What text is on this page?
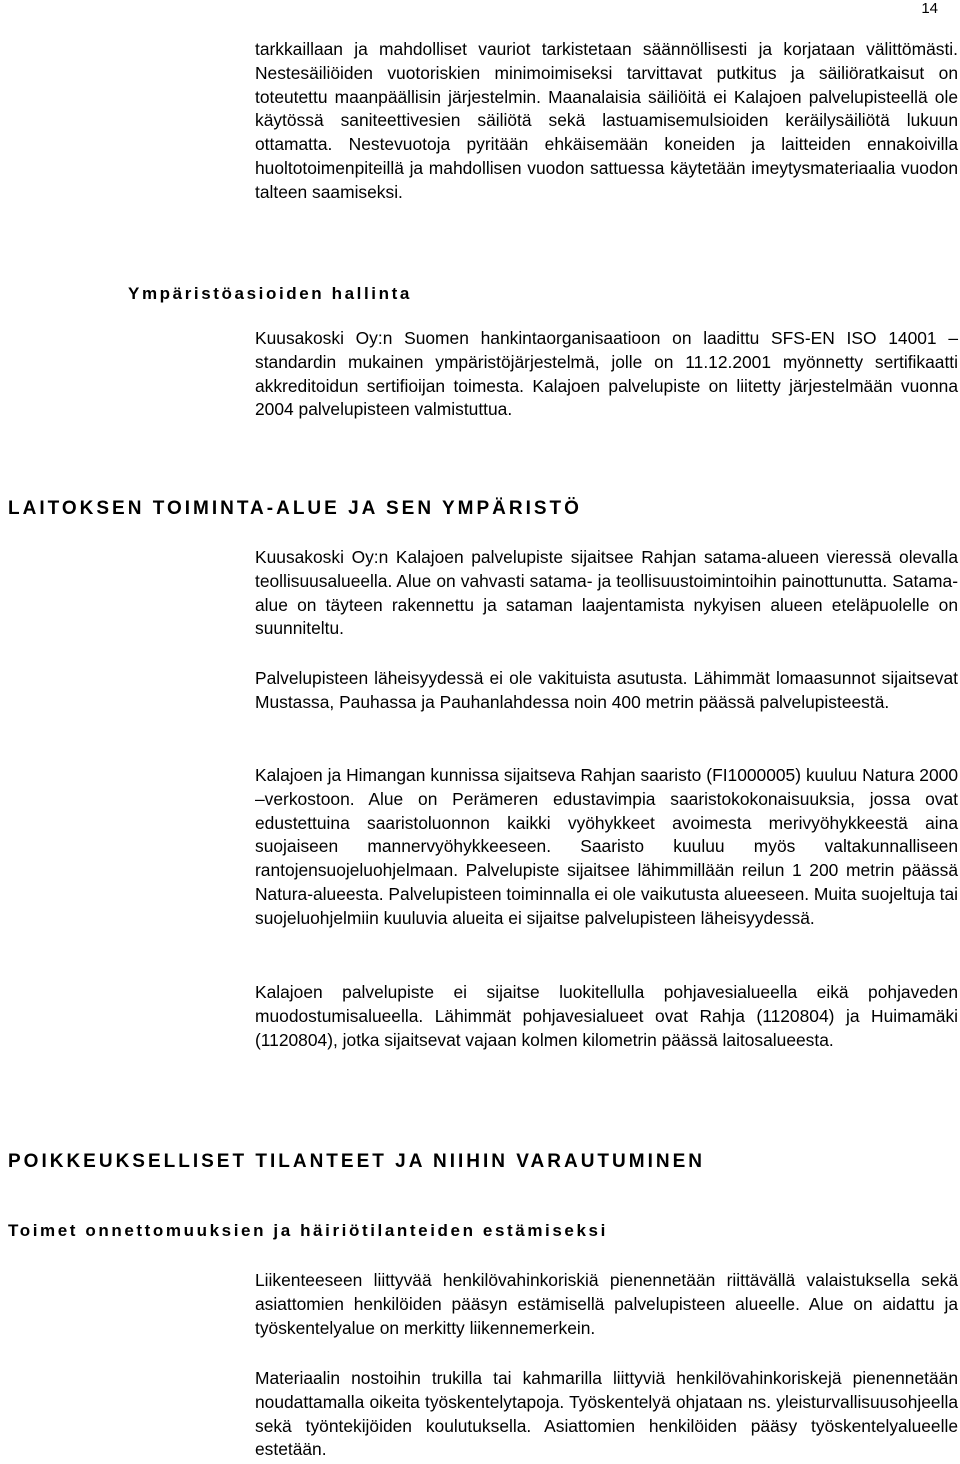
14

tarkkaillaan ja mahdolliset vauriot tarkistetaan säännöllisesti ja korjataan välittömästi. Nestesäiliöiden vuotoriskien minimoimiseksi tarvittavat putkitus ja säiliöratkaisut on toteutettu maanpäällisin järjestelmin. Maanalaisia säiliöitä ei Kalajoen palvelupisteellä ole käytössä saniteettivesien säiliötä sekä lastuamisemulsioiden keräilysäiliötä lukuun ottamatta. Nestevuotoja pyritään ehkäisemään koneiden ja laitteiden ennakoivilla huoltotoimenpiteillä ja mahdollisen vuodon sattuessa käytetään imeytysmateriaalia vuodon talteen saamiseksi.

Ympäristöasioiden hallinta

Kuusakoski Oy:n Suomen hankintaorganisaatioon on laadittu SFS-EN ISO 14001 –standardin mukainen ympäristöjärjestelmä, jolle on 11.12.2001 myönnetty sertifikaatti akkreditoidun sertifioijan toimesta. Kalajoen palvelupiste on liitetty järjestelmään vuonna 2004 palvelupisteen valmistuttua.

LAITOKSEN TOIMINTA-ALUE JA SEN YMPÄRISTÖ

Kuusakoski Oy:n Kalajoen palvelupiste sijaitsee Rahjan satama-alueen vieressä olevalla teollisuusalueella. Alue on vahvasti satama- ja teollisuustoimintoihin painottunutta. Satama-alue on täyteen rakennettu ja sataman laajentamista nykyisen alueen eteläpuolelle on suunniteltu.

Palvelupisteen läheisyydessä ei ole vakituista asutusta. Lähimmät lomaasunnot sijaitsevat Mustassa, Pauhassa ja Pauhanlahdessa noin 400 metrin päässä palvelupisteestä.

Kalajoen ja Himangan kunnissa sijaitseva Rahjan saaristo (FI1000005) kuuluu Natura 2000 –verkostoon. Alue on Perämeren edustavimpia saaristokokonaisuuksia, jossa ovat edustettuina saaristoluonnon kaikki vyöhykkeet avoimesta merivyöhykkeestä aina suojaiseen mannervyöhykkeeseen. Saaristo kuuluu myös valtakunnalliseen rantojensuojeluohjelmaan. Palvelupiste sijaitsee lähimmillään reilun 1 200 metrin päässä Natura-alueesta. Palvelupisteen toiminnalla ei ole vaikutusta alueeseen. Muita suojeltuja tai suojeluohjelmiin kuuluvia alueita ei sijaitse palvelupisteen läheisyydessä.

Kalajoen palvelupiste ei sijaitse luokitellulla pohjavesialueella eikä pohjaveden muodostumisalueella. Lähimmät pohjavesialueet ovat Rahja (1120804) ja Huimamäki (1120804), jotka sijaitsevat vajaan kolmen kilometrin päässä laitosalueesta.

POIKKEUKSELLISET TILANTEET JA NIIHIN VARAUTUMINEN
Toimet onnettomuuksien ja häiriötilanteiden estämiseksi

Liikenteeseen liittyvää henkilövahinkoriskiä pienennetään riittävällä valaistuksella sekä asiattomien henkilöiden pääsyn estämisellä palvelupisteen alueelle. Alue on aidattu ja työskentelyalue on merkitty liikennemerkein.

Materiaalin nostoihin trukilla tai kahmarilla liittyviä henkilövahinkoriskejä pienennetään noudattamalla oikeita työskentelytapoja. Työskentelyä ohjataan ns. yleisturvallisuusohjeella sekä työntekijöiden koulutuksella. Asiattomien henkilöiden pääsy työskentelyalueelle estetään.
